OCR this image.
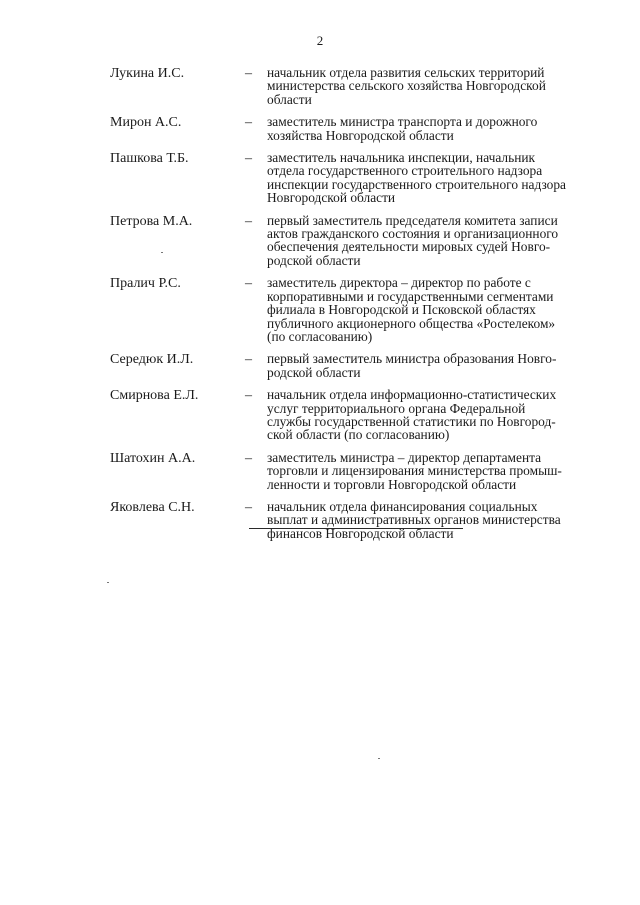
2
Лукина И.С.	–	начальник отдела развития сельских территорий
министерства сельского хозяйства Новгородской
области
Мирон А.С.	–	заместитель министра транспорта и дорожного
хозяйства Новгородской области
Пашкова Т.Б.	–	заместитель начальника инспекции, начальник
отдела государственного строительного надзора
инспекции государственного строительного надзора
Новгородской области
Петрова М.А.	–	первый заместитель председателя комитета записи
актов гражданского состояния и организационного
обеспечения деятельности мировых судей Новго-
родской области
Пралич Р.С.	–	заместитель директора – директор по работе с
корпоративными и государственными сегментами
филиала в Новгородской и Псковской областях
публичного акционерного общества «Ростелеком»
(по согласованию)
Середюк И.Л.	–	первый заместитель министра образования Новго-
родской области
Смирнова Е.Л.	–	начальник отдела информационно-статистических
услуг территориального органа Федеральной
службы государственной статистики по Новгород-
ской области (по согласованию)
Шатохин А.А.	–	заместитель министра – директор департамента
торговли и лицензирования министерства промыш-
ленности и торговли Новгородской области
Яковлева С.Н.	–	начальник отдела финансирования социальных
выплат и административных органов министерства
финансов Новгородской области
